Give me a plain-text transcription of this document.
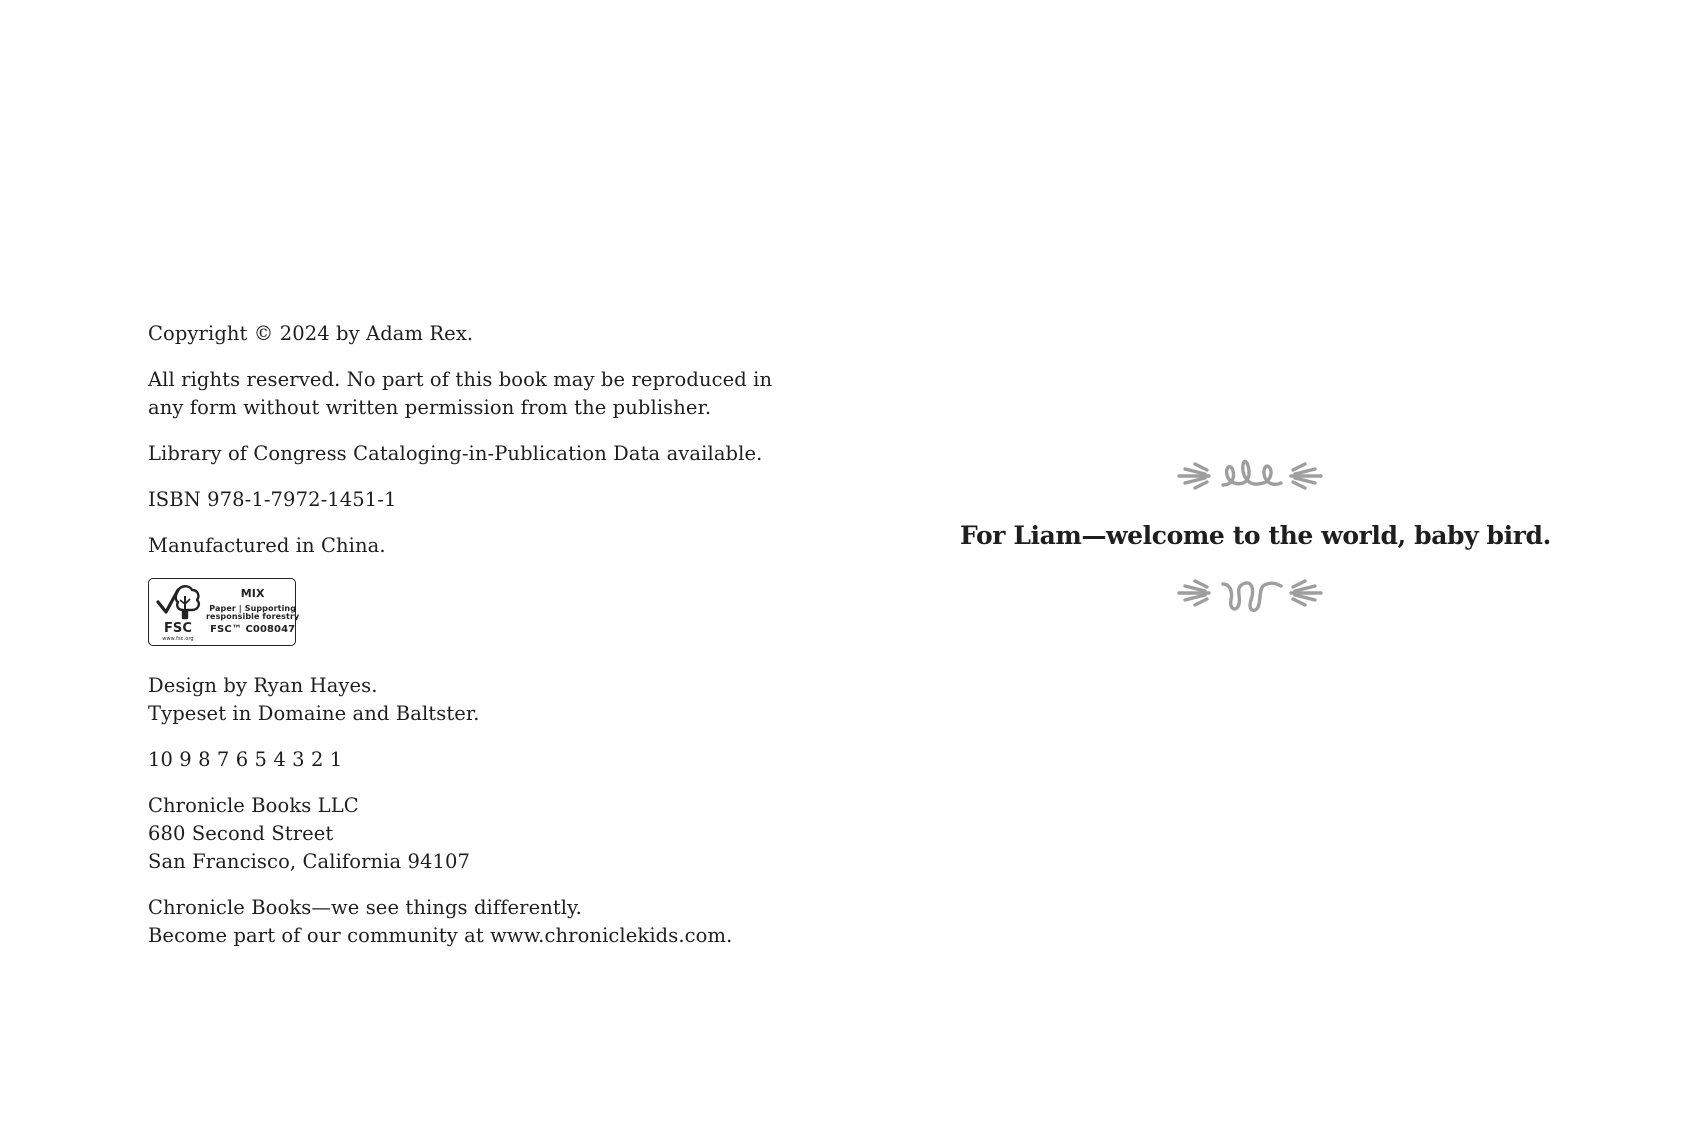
Copyright © 2024 by Adam Rex.

All rights reserved. No part of this book may be reproduced in
any form without written permission from the publisher.

Library of Congress Cataloging-in-Publication Data available.

ISBN 978-1-7972-1451-1

Manufactured in China.

FSC
www.fsc.org
MIX
Paper | Supporting
responsible forestry
FSC™ C008047

Design by Ryan Hayes.
Typeset in Domaine and Baltster.

10 9 8 7 6 5 4 3 2 1

Chronicle Books LLC
680 Second Street
San Francisco, California 94107

Chronicle Books—we see things differently.
Become part of our community at www.chroniclekids.com.

For Liam—welcome to the world, baby bird.
